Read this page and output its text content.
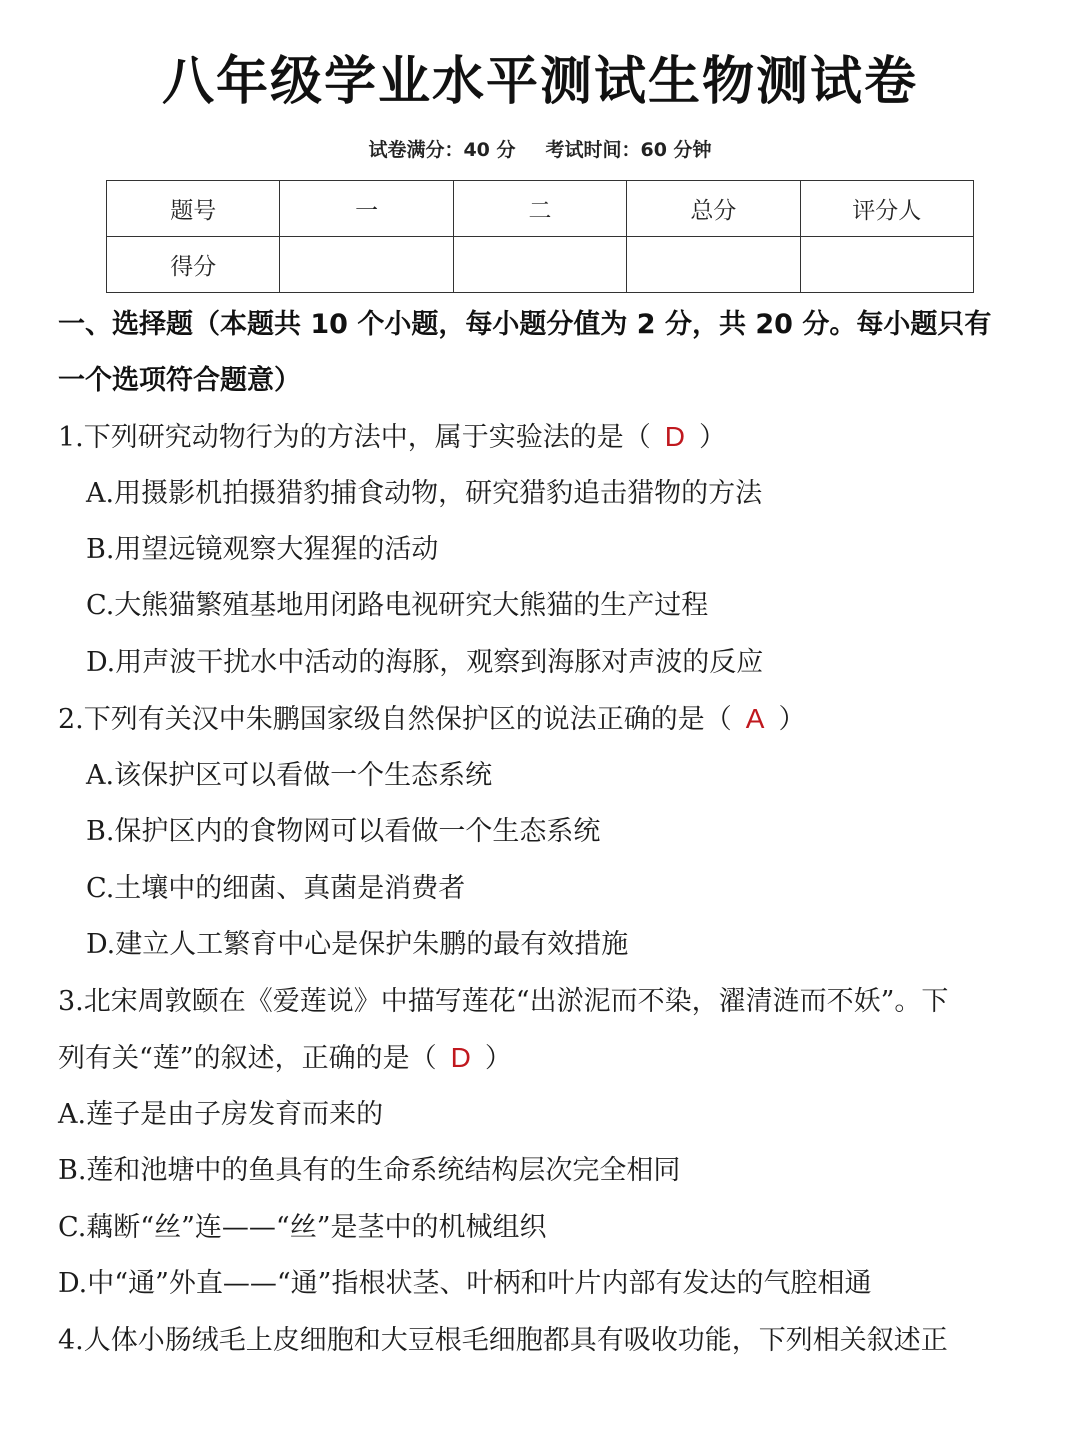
八年级学业水平测试生物测试卷
试卷满分：40 分 考试时间：60 分钟
题号	一	二	总分	评分人
得分				
一、选择题（本题共 10 个小题，每小题分值为 2 分，共 20 分。每小题只有
一个选项符合题意）
1.下列研究动物行为的方法中，属于实验法的是（ D ）
A.用摄影机拍摄猎豹捕食动物，研究猎豹追击猎物的方法
B.用望远镜观察大猩猩的活动
C.大熊猫繁殖基地用闭路电视研究大熊猫的生产过程
D.用声波干扰水中活动的海豚，观察到海豚对声波的反应
2.下列有关汉中朱鹏国家级自然保护区的说法正确的是（ A ）
A.该保护区可以看做一个生态系统
B.保护区内的食物网可以看做一个生态系统
C.土壤中的细菌、真菌是消费者
D.建立人工繁育中心是保护朱鹏的最有效措施
3.北宋周敦颐在《爱莲说》中描写莲花“出淤泥而不染，濯清涟而不妖”。下
列有关“莲”的叙述，正确的是（ D ）
A.莲子是由子房发育而来的
B.莲和池塘中的鱼具有的生命系统结构层次完全相同
C.藕断“丝”连——“丝”是茎中的机械组织
D.中“通”外直——“通”指根状茎、叶柄和叶片内部有发达的气腔相通
4.人体小肠绒毛上皮细胞和大豆根毛细胞都具有吸收功能，下列相关叙述正
